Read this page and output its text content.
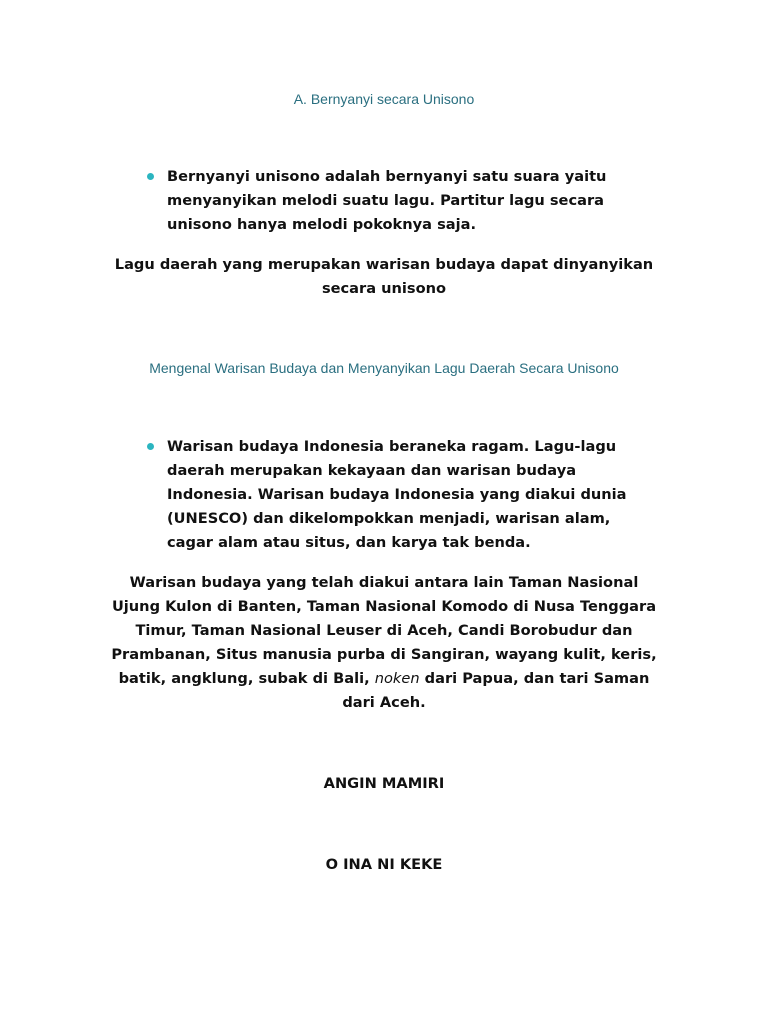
A. Bernyanyi secara Unisono
Bernyanyi unisono adalah bernyanyi satu suara yaitu
menyanyikan melodi suatu lagu. Partitur lagu secara
unisono hanya melodi pokoknya saja.
Lagu daerah yang merupakan warisan budaya dapat dinyanyikan
secara unisono
Mengenal Warisan Budaya dan Menyanyikan Lagu Daerah Secara Unisono
Warisan budaya Indonesia beraneka ragam. Lagu-lagu
daerah merupakan kekayaan dan warisan budaya
Indonesia. Warisan budaya Indonesia yang diakui dunia
(UNESCO) dan dikelompokkan menjadi, warisan alam,
cagar alam atau situs, dan karya tak benda.
Warisan budaya yang telah diakui antara lain Taman Nasional
Ujung Kulon di Banten, Taman Nasional Komodo di Nusa Tenggara
Timur, Taman Nasional Leuser di Aceh, Candi Borobudur dan
Prambanan, Situs manusia purba di Sangiran, wayang kulit, keris,
batik, angklung, subak di Bali, noken dari Papua, dan tari Saman
dari Aceh.
ANGIN MAMIRI
O INA NI KEKE
